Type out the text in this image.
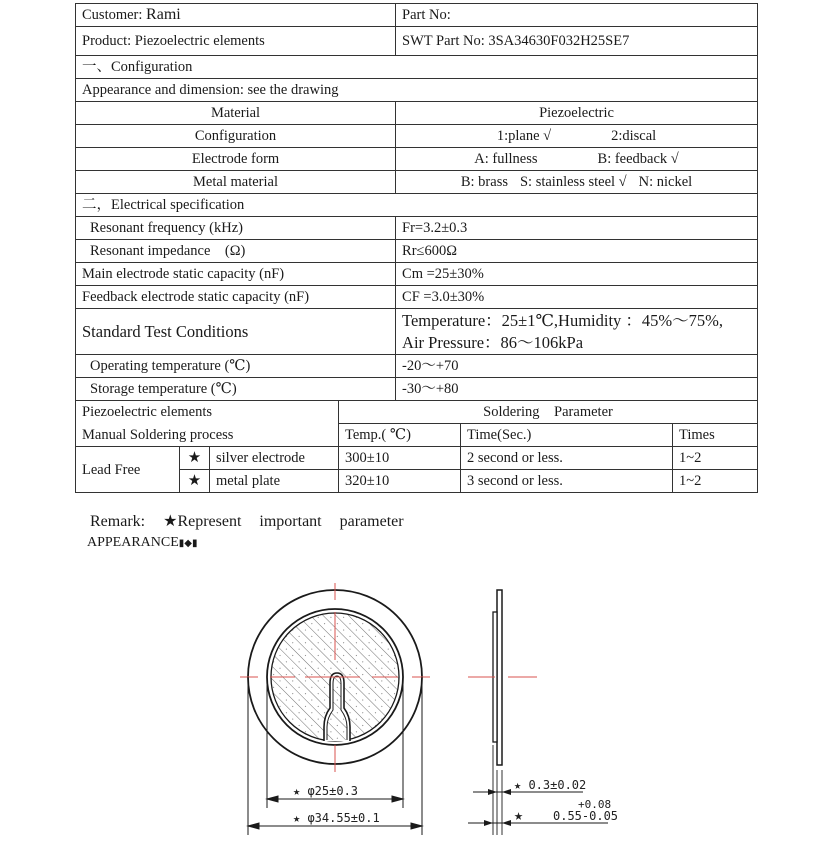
Customer: Rami				Part No:		
Product: Piezoelectric elements				SWT Part No: 3SA34630F032H25SE7		
一、Configuration						
Appearance and dimension: see the drawing						
Material				Piezoelectric		
Configuration				1:plane √ 2:discal		
Electrode form				A: fullness B: feedback √		
Metal material				B: brass S: stainless steel √ N: nickel		
二，Electrical specification						
Resonant frequency (kHz)				Fr=3.2±0.3		
Resonant impedance　(Ω)				Rr≤600Ω		
Main electrode static capacity (nF)				Cm =25±30%		
Feedback electrode static capacity (nF)				CF =3.0±30%		
Standard Test Conditions				Temperature：25±1℃,Humidity ：45%～75%,
Air Pressure：86～106kPa		

Operating temperature (℃)				-20～+70		
Storage temperature (℃)				-30～+80		
Piezoelectric elements			Soldering　Parameter			
Manual Soldering process			Temp.( ℃)		Time(Sec.)	Times
Lead Free	★	silver electrode	300±10		2 second or less.	1~2
	★	metal plate	320±10		3 second or less.	1~2
Remark: ★Represent important parameter
APPEARANCE▮◆▮
★ φ25±0.3
★ φ34.55±0.1
★ 0.3±0.02
+0.08
★ 0.55-0.05
